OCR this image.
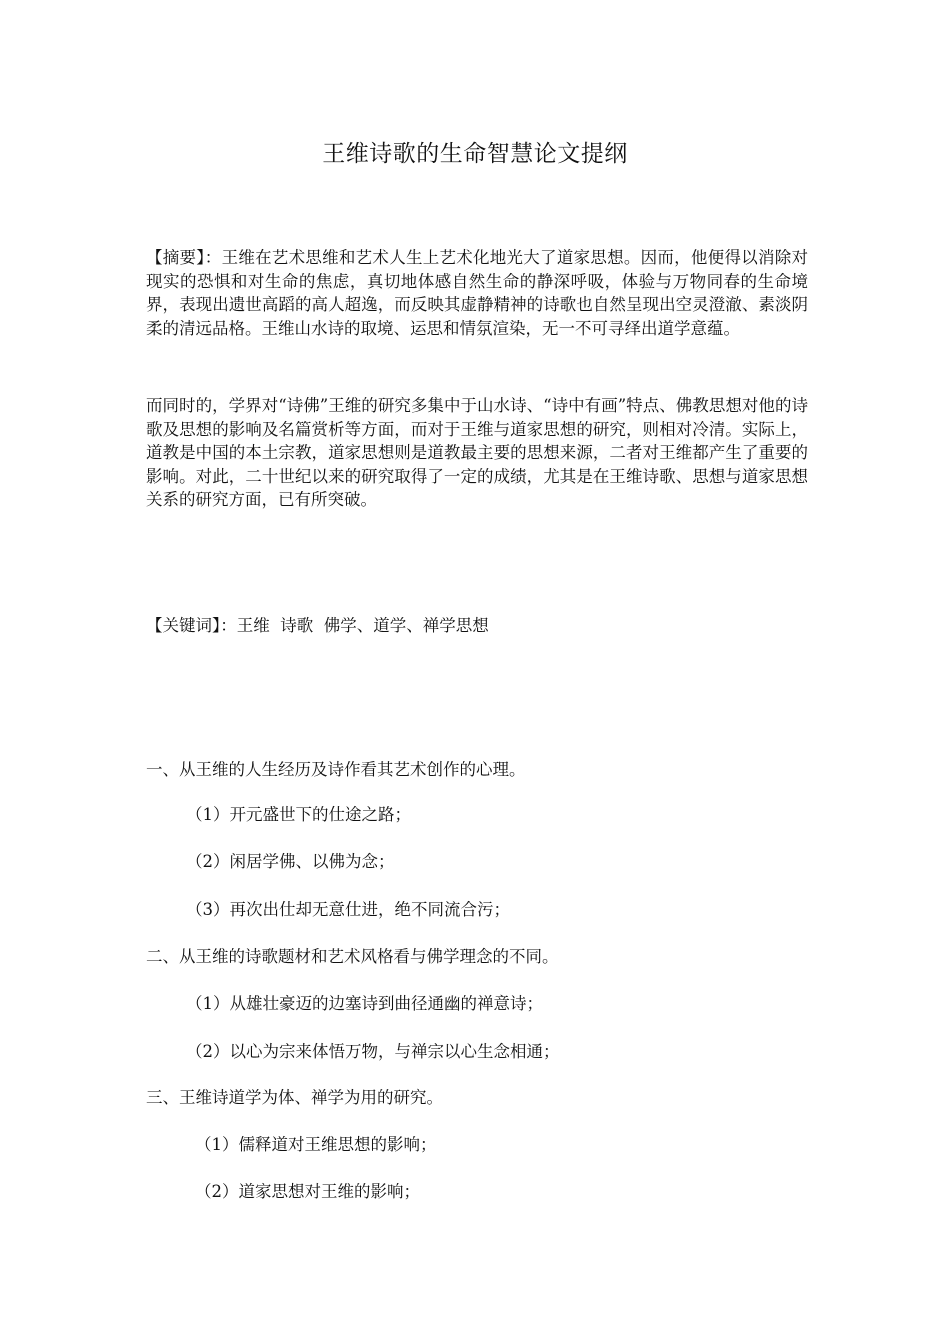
王维诗歌的生命智慧论文提纲

【摘要】：王维在艺术思维和艺术人生上艺术化地光大了道家思想。因而，他便得以消除对现实的恐惧和对生命的焦虑，真切地体感自然生命的静深呼吸，体验与万物同春的生命境界，表现出遗世高蹈的高人超逸，而反映其虚静精神的诗歌也自然呈现出空灵澄澈、素淡阴柔的清远品格。王维山水诗的取境、运思和情氛渲染，无一不可寻绎出道学意蕴。

而同时的，学界对“诗佛”王维的研究多集中于山水诗、“诗中有画”特点、佛教思想对他的诗歌及思想的影响及名篇赏析等方面，而对于王维与道家思想的研究，则相对冷清。实际上，道教是中国的本土宗教，道家思想则是道教最主要的思想来源，二者对王维都产生了重要的影响。对此，二十世纪以来的研究取得了一定的成绩，尤其是在王维诗歌、思想与道家思想关系的研究方面，已有所突破。

【关键词】：王维  诗歌  佛学、道学、禅学思想
一、从王维的人生经历及诗作看其艺术创作的心理。
（1）开元盛世下的仕途之路；
（2）闲居学佛、以佛为念；
（3）再次出仕却无意仕进，绝不同流合污；
二、从王维的诗歌题材和艺术风格看与佛学理念的不同。
（1）从雄壮豪迈的边塞诗到曲径通幽的禅意诗；
（2）以心为宗来体悟万物，与禅宗以心生念相通；
三、王维诗道学为体、禅学为用的研究。
（1）儒释道对王维思想的影响；
（2）道家思想对王维的影响；
